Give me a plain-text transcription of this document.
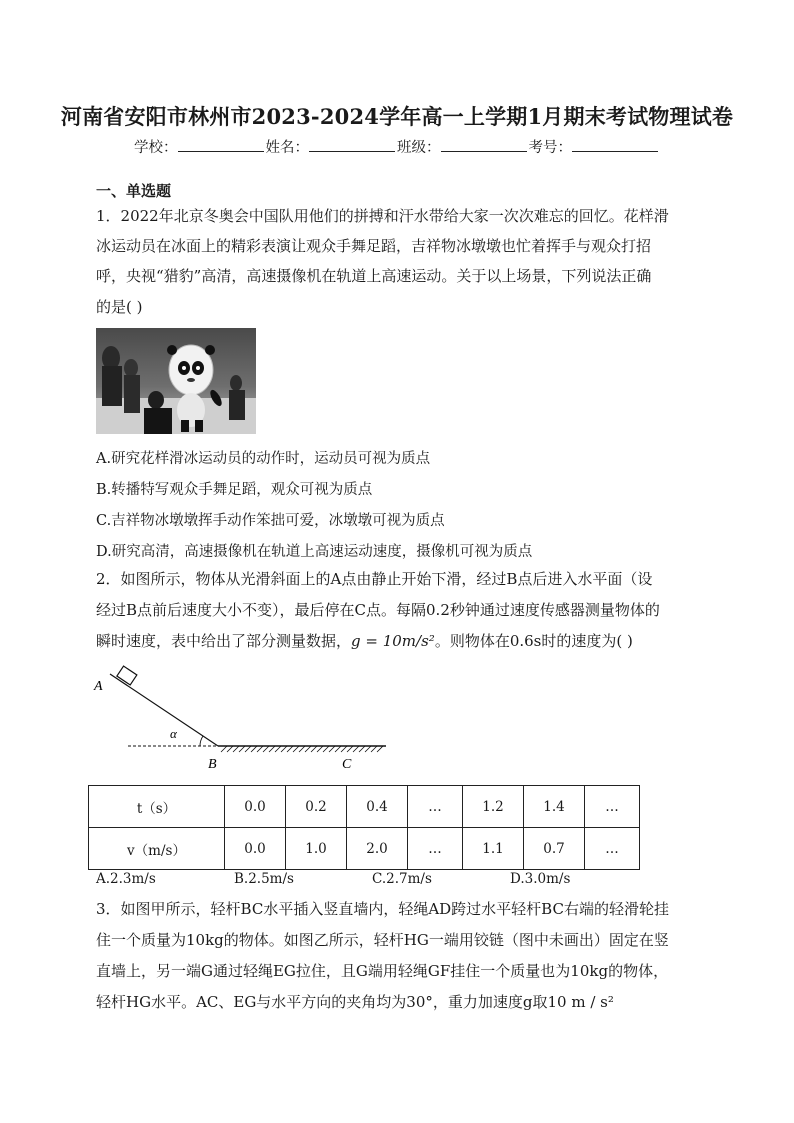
河南省安阳市林州市2023-2024学年高一上学期1月期末考试物理试卷
学校：	姓名：	班级：	考号：
一、单选题
1．2022年北京冬奥会中国队用他们的拼搏和汗水带给大家一次次难忘的回忆。花样滑
冰运动员在冰面上的精彩表演让观众手舞足蹈，吉祥物冰墩墩也忙着挥手与观众打招
呼，央视“猎豹”高清，高速摄像机在轨道上高速运动。关于以上场景，下列说法正确
的是( )
A.研究花样滑冰运动员的动作时，运动员可视为质点
B.转播特写观众手舞足蹈，观众可视为质点
C.吉祥物冰墩墩挥手动作笨拙可爱，冰墩墩可视为质点
D.研究高清，高速摄像机在轨道上高速运动速度，摄像机可视为质点
2．如图所示，物体从光滑斜面上的A点由静止开始下滑，经过B点后进入水平面（设
经过B点前后速度大小不变），最后停在C点。每隔0.2秒钟通过速度传感器测量物体的
瞬时速度，表中给出了部分测量数据，g = 10m/s²。则物体在0.6s时的速度为( )
α
A
B	C
t（s）	0.0	0.2	0.4	…	1.2	1.4	…
v（m/s）	0.0	1.0	2.0	…	1.1	0.7	…
A.2.3m/s	B.2.5m/s	C.2.7m/s	D.3.0m/s
3．如图甲所示，轻杆BC水平插入竖直墙内，轻绳AD跨过水平轻杆BC右端的轻滑轮挂
住一个质量为10kg的物体。如图乙所示，轻杆HG一端用铰链（图中未画出）固定在竖
直墙上，另一端G通过轻绳EG拉住，且G端用轻绳GF挂住一个质量也为10kg的物体，
轻杆HG水平。AC、EG与水平方向的夹角均为30°，重力加速度g取10 m / s²
